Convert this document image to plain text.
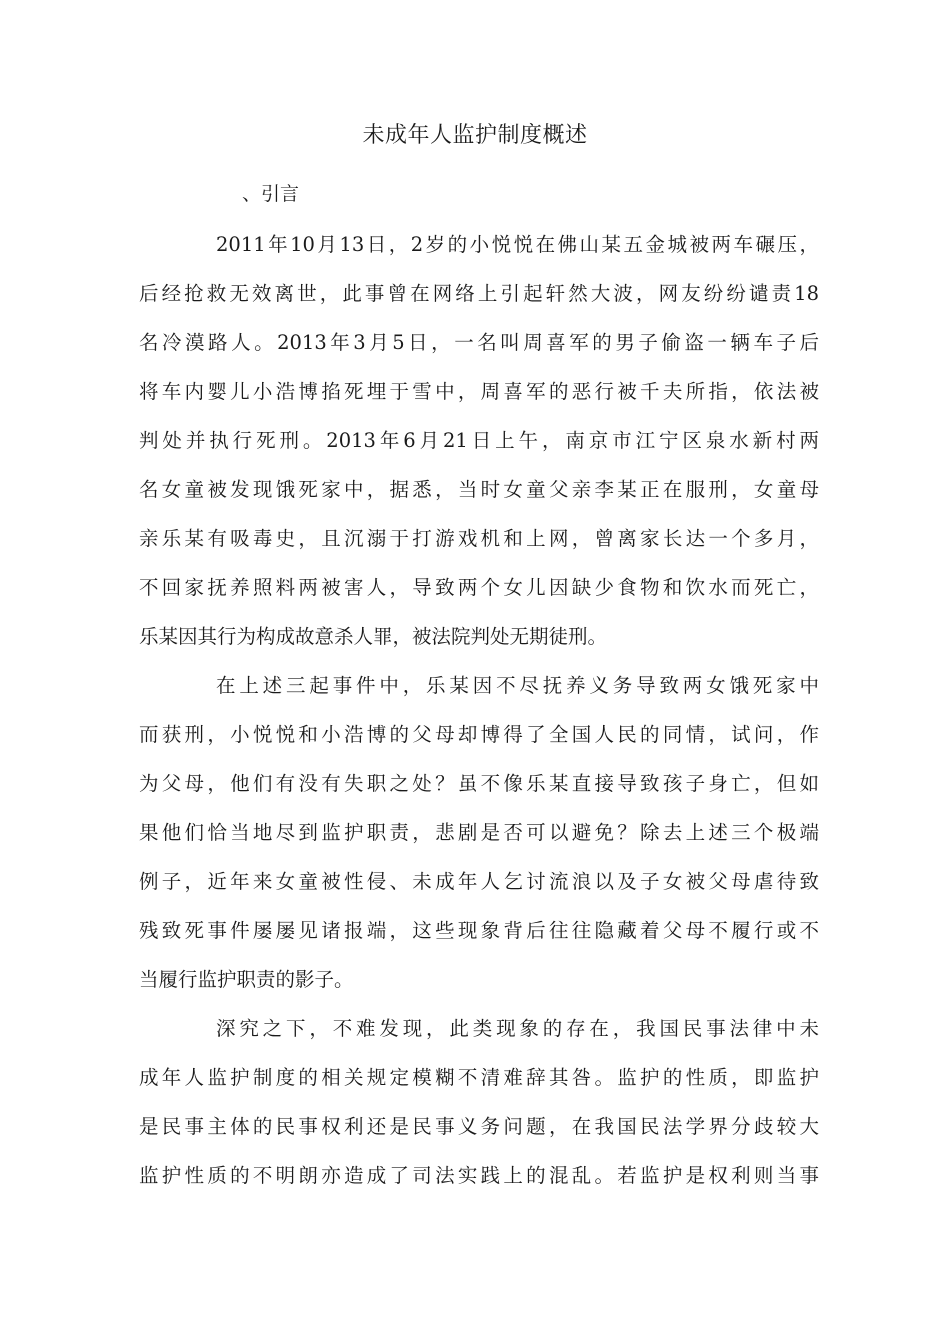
未成年人监护制度概述
、引言
2011年10月13日，2岁的小悦悦在佛山某五金城被两车碾压，
后经抢救无效离世，此事曾在网络上引起轩然大波，网友纷纷谴责18
名冷漠路人。2013年3月5日，一名叫周喜军的男子偷盗一辆车子后
将车内婴儿小浩博掐死埋于雪中，周喜军的恶行被千夫所指，依法被
判处并执行死刑。2013年6月21日上午，南京市江宁区泉水新村两
名女童被发现饿死家中，据悉，当时女童父亲李某正在服刑，女童母
亲乐某有吸毒史，且沉溺于打游戏机和上网，曾离家长达一个多月，
不回家抚养照料两被害人，导致两个女儿因缺少食物和饮水而死亡，
乐某因其行为构成故意杀人罪，被法院判处无期徒刑。
在上述三起事件中，乐某因不尽抚养义务导致两女饿死家中
而获刑，小悦悦和小浩博的父母却博得了全国人民的同情，试问，作
为父母，他们有没有失职之处？虽不像乐某直接导致孩子身亡，但如
果他们恰当地尽到监护职责，悲剧是否可以避免？除去上述三个极端
例子，近年来女童被性侵、未成年人乞讨流浪以及子女被父母虐待致
残致死事件屡屡见诸报端，这些现象背后往往隐藏着父母不履行或不
当履行监护职责的影子。
深究之下，不难发现，此类现象的存在，我国民事法律中未
成年人监护制度的相关规定模糊不清难辞其咎。监护的性质，即监护
是民事主体的民事权利还是民事义务问题，在我国民法学界分歧较大
监护性质的不明朗亦造成了司法实践上的混乱。若监护是权利则当事
